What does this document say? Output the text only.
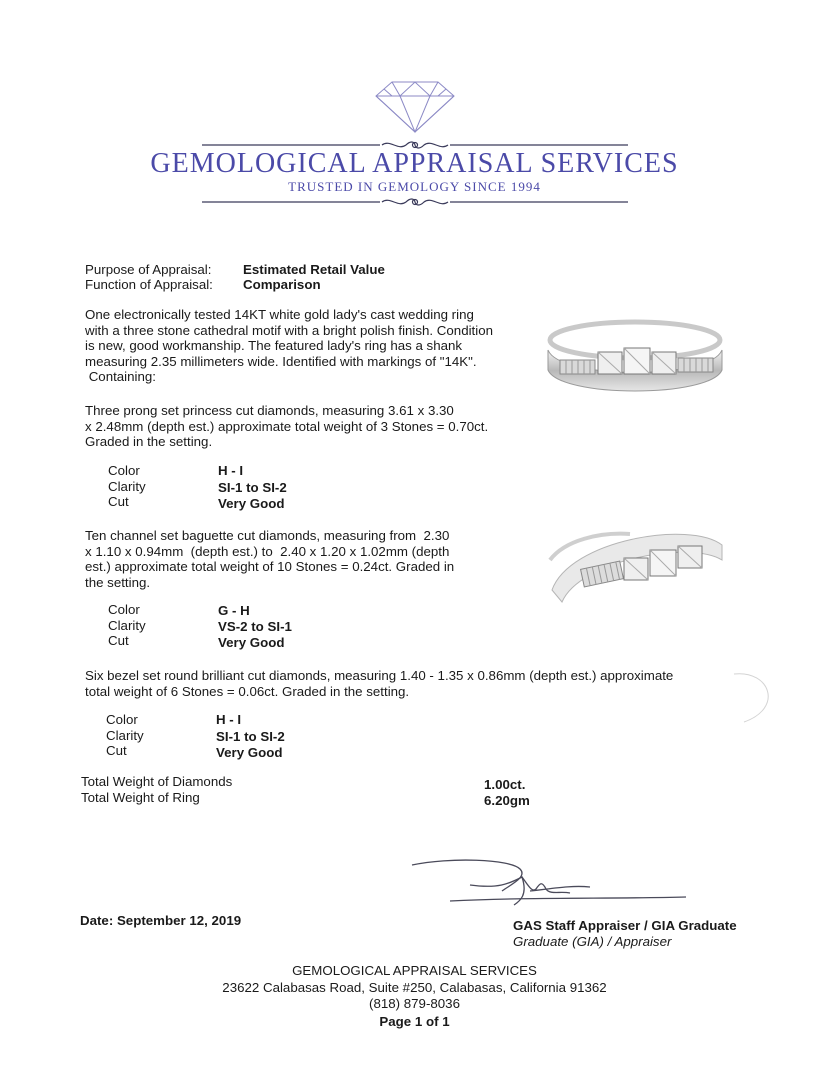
GEMOLOGICAL APPRAISAL SERVICES
TRUSTED IN GEMOLOGY SINCE 1994
Purpose of Appraisal: Estimated Retail Value
Function of Appraisal: Comparison
One electronically tested 14KT white gold lady's cast wedding ring
with a three stone cathedral motif with a bright polish finish. Condition
is new, good workmanship. The featured lady's ring has a shank
measuring 2.35 millimeters wide. Identified with markings of "14K".
Containing:
Three prong set princess cut diamonds, measuring 3.61 x 3.30
x 2.48mm (depth est.) approximate total weight of 3 Stones = 0.70ct.
Graded in the setting.
Color	H - I
Clarity	SI-1 to SI-2
Cut	Very Good
Ten channel set baguette cut diamonds, measuring from  2.30
x 1.10 x 0.94mm  (depth est.) to  2.40 x 1.20 x 1.02mm (depth
est.) approximate total weight of 10 Stones = 0.24ct. Graded in
the setting.
Color	G - H
Clarity	VS-2 to SI-1
Cut	Very Good
Six bezel set round brilliant cut diamonds, measuring 1.40 - 1.35 x 0.86mm (depth est.) approximate
total weight of 6 Stones = 0.06ct. Graded in the setting.
Color	H - I
Clarity	SI-1 to SI-2
Cut	Very Good
Total Weight of Diamonds	1.00ct.
Total Weight of Ring	6.20gm
Date: September 12, 2019	GAS Staff Appraiser / GIA Graduate
Graduate (GIA) / Appraiser
GEMOLOGICAL APPRAISAL SERVICES
23622 Calabasas Road, Suite #250, Calabasas, California 91362
(818) 879-8036
Page 1 of 1
